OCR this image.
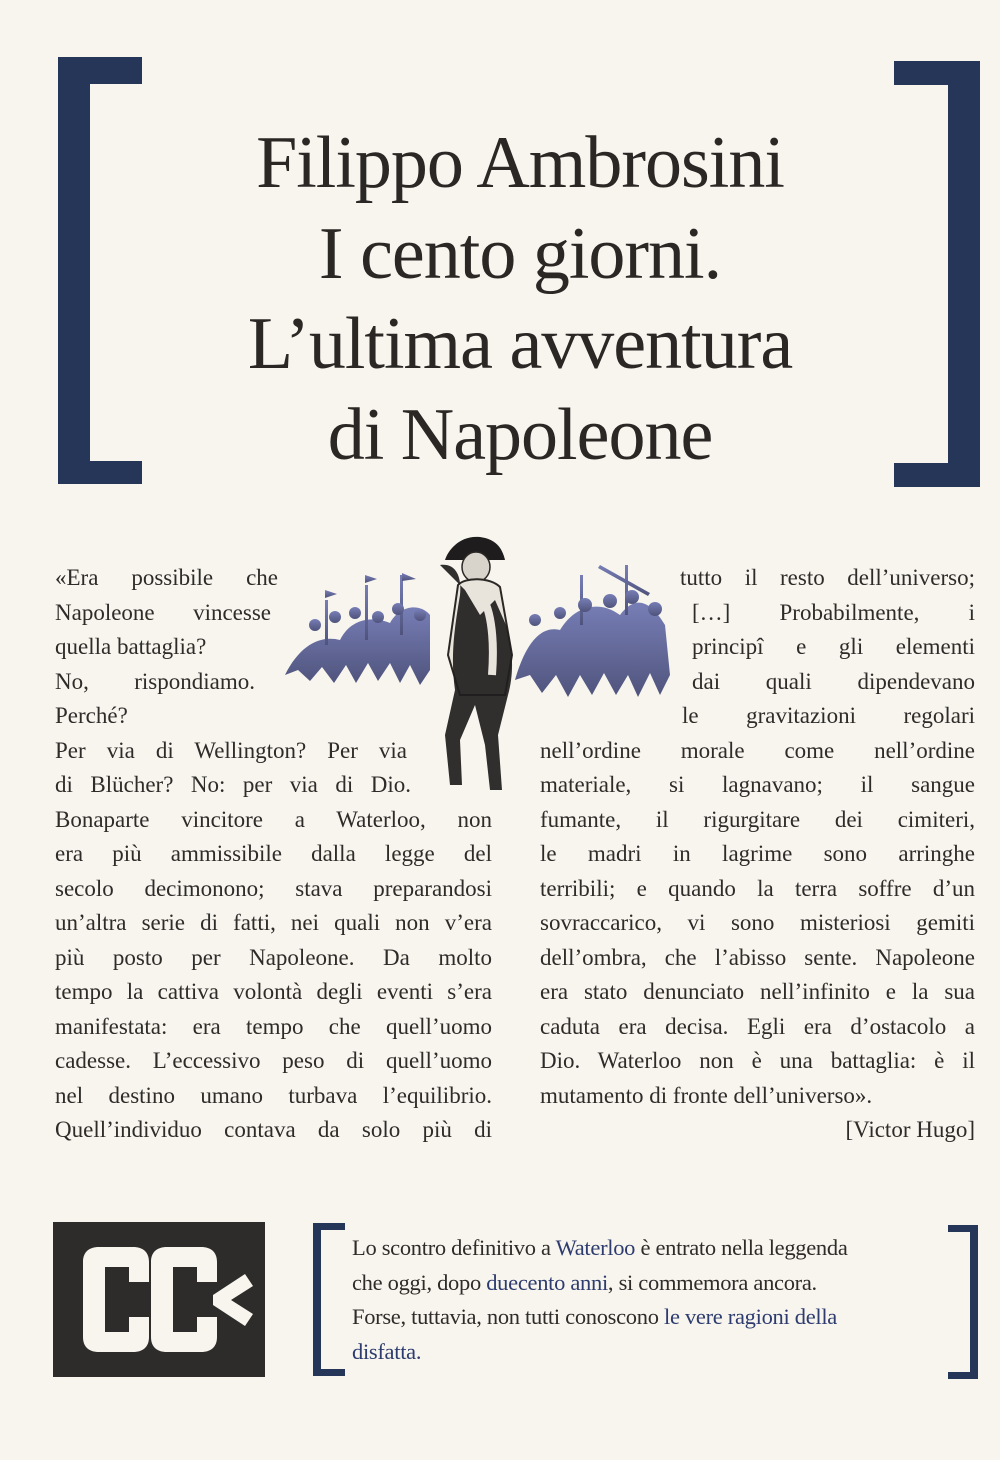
Filippo Ambrosini
I cento giorni.
L’ultima avventura
di Napoleone
«Era possibile che
Napoleone vincesse
quella battaglia?
No, rispondiamo.
Perché?
Per via di Wellington? Per via
di Blücher? No: per via di Dio.
Bonaparte vincitore a Waterloo, non
era più ammissibile dalla legge del
secolo decimonono; stava preparandosi
un’altra serie di fatti, nei quali non v’era
più posto per Napoleone. Da molto
tempo la cattiva volontà degli eventi s’era
manifestata: era tempo che quell’uomo
cadesse. L’eccessivo peso di quell’uomo
nel destino umano turbava l’equilibrio.
Quell’individuo contava da solo più di
tutto il resto dell’universo;
[…] Probabilmente, i
principî e gli elementi
dai quali dipendevano
le gravitazioni regolari
nell’ordine morale come nell’ordine
materiale, si lagnavano; il sangue
fumante, il rigurgitare dei cimiteri,
le madri in lagrime sono arringhe
terribili; e quando la terra soffre d’un
sovraccarico, vi sono misteriosi gemiti
dell’ombra, che l’abisso sente. Napoleone
era stato denunciato nell’infinito e la sua
caduta era decisa. Egli era d’ostacolo a
Dio. Waterloo non è una battaglia: è il
mutamento di fronte dell’universo».
[Victor Hugo]
Lo scontro definitivo a Waterloo è entrato nella leggenda
che oggi, dopo duecento anni, si commemora ancora.
Forse, tuttavia, non tutti conoscono le vere ragioni della
disfatta.
